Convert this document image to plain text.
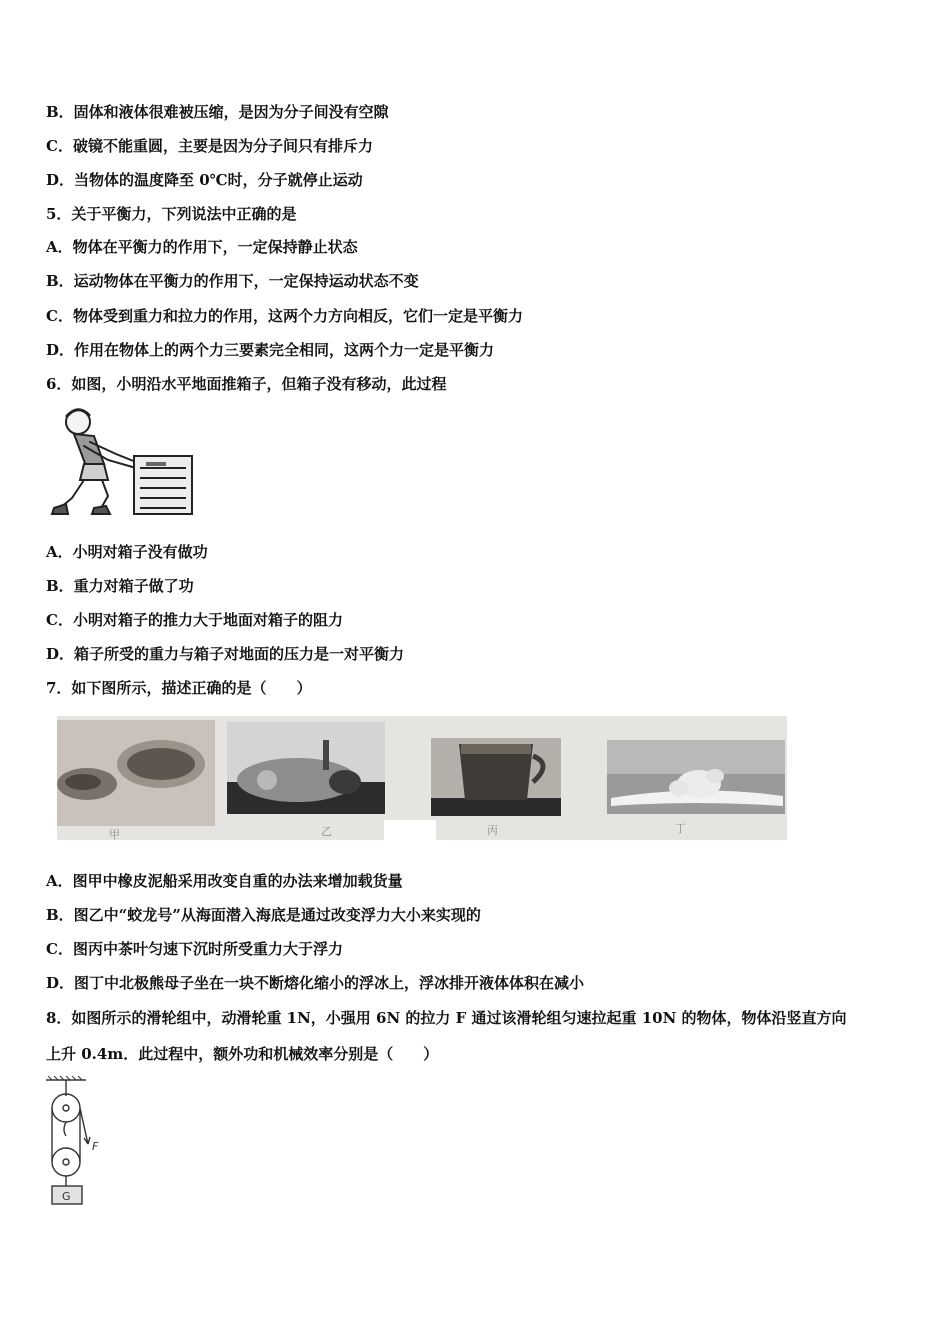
B．固体和液体很难被压缩，是因为分子间没有空隙
C．破镜不能重圆，主要是因为分子间只有排斥力
D．当物体的温度降至 0℃时，分子就停止运动
5．关于平衡力，下列说法中正确的是
A．物体在平衡力的作用下，一定保持静止状态
B．运动物体在平衡力的作用下，一定保持运动状态不变
C．物体受到重力和拉力的作用，这两个力方向相反，它们一定是平衡力
D．作用在物体上的两个力三要素完全相同，这两个力一定是平衡力
6．如图，小明沿水平地面推箱子，但箱子没有移动，此过程
A．小明对箱子没有做功
B．重力对箱子做了功
C．小明对箱子的推力大于地面对箱子的阻力
D．箱子所受的重力与箱子对地面的压力是一对平衡力
7．如下图所示，描述正确的是（　　）
甲	乙	丙	丁
A．图甲中橡皮泥船采用改变自重的办法来增加载货量
B．图乙中“蛟龙号”从海面潜入海底是通过改变浮力大小来实现的
C．图丙中茶叶匀速下沉时所受重力大于浮力
D．图丁中北极熊母子坐在一块不断熔化缩小的浮冰上，浮冰排开液体体积在减小
8．如图所示的滑轮组中，动滑轮重 1N，小强用 6N 的拉力 F 通过该滑轮组匀速拉起重 10N 的物体，物体沿竖直方向
上升 0.4m．此过程中，额外功和机械效率分别是（　　）
F
G
